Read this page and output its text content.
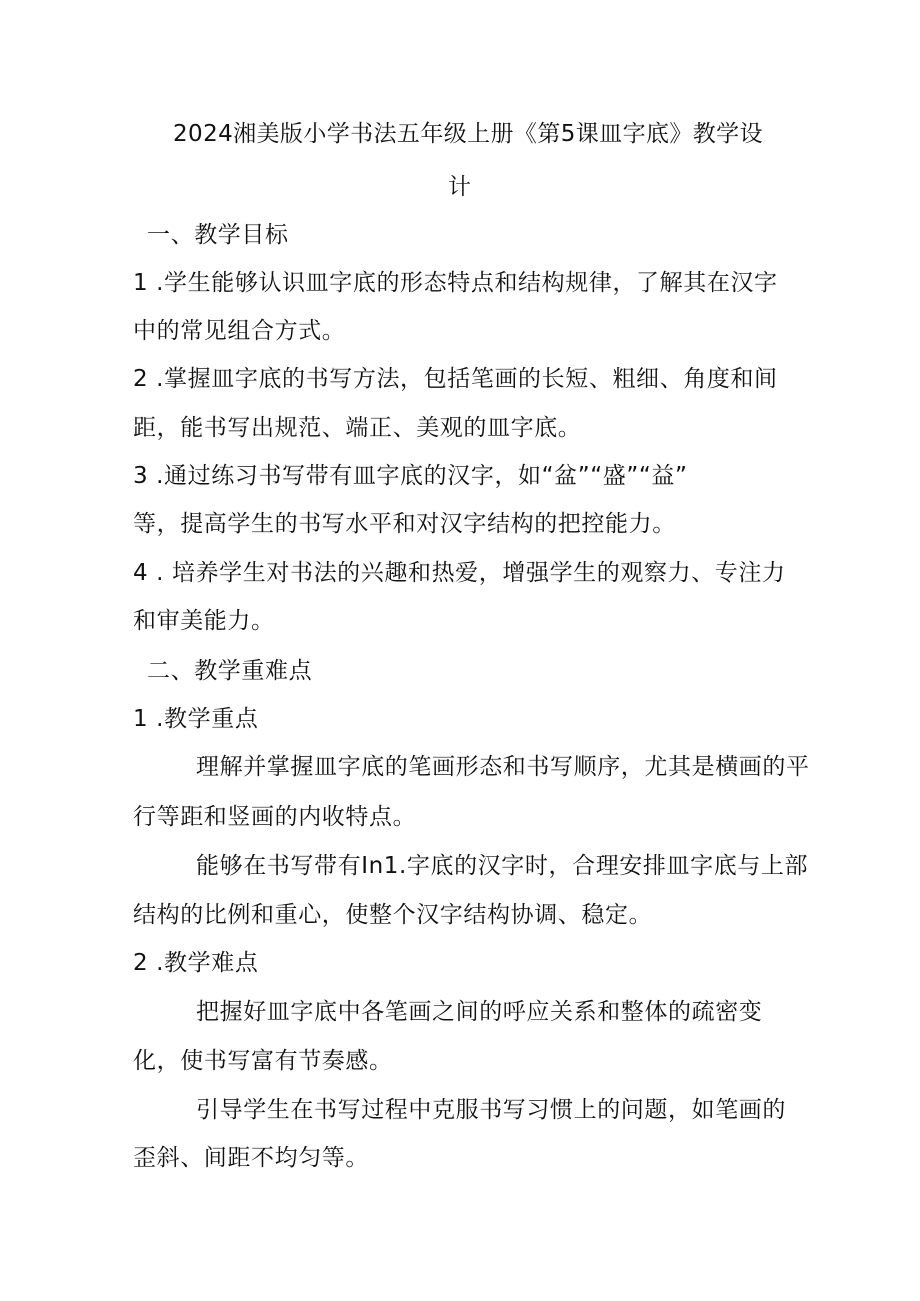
2024湘美版小学书法五年级上册《第5课皿字底》教学设
计
一、教学目标
1 .学生能够认识皿字底的形态特点和结构规律，了解其在汉字
中的常见组合方式。
2 .掌握皿字底的书写方法，包括笔画的长短、粗细、角度和间
距，能书写出规范、端正、美观的皿字底。
3 .通过练习书写带有皿字底的汉字，如“盆”“盛”“益”
等，提高学生的书写水平和对汉字结构的把控能力。
4 . 培养学生对书法的兴趣和热爱，增强学生的观察力、专注力
和审美能力。
二、教学重难点
1 .教学重点
理解并掌握皿字底的笔画形态和书写顺序，尤其是横画的平
行等距和竖画的内收特点。
能够在书写带有In1.字底的汉字时，合理安排皿字底与上部
结构的比例和重心，使整个汉字结构协调、稳定。
2 .教学难点
把握好皿字底中各笔画之间的呼应关系和整体的疏密变
化，使书写富有节奏感。
引导学生在书写过程中克服书写习惯上的问题，如笔画的
歪斜、间距不均匀等。
